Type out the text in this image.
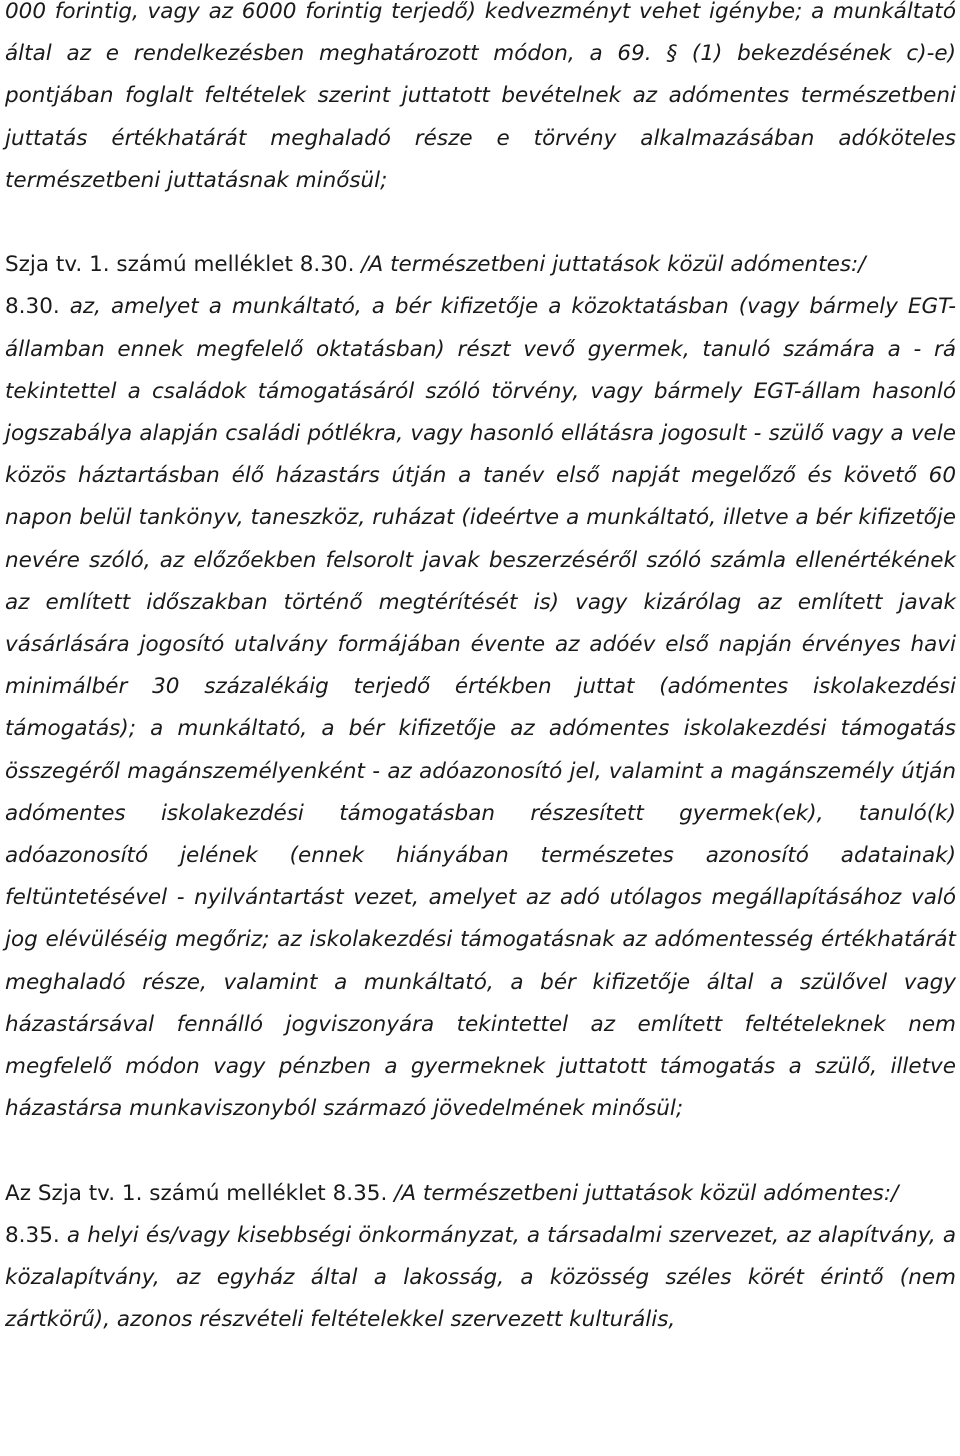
000 forintig, vagy az 6000 forintig terjedő) kedvezményt vehet igénybe; a munkáltató által az e rendelkezésben meghatározott módon, a 69. § (1) bekezdésének c)-e) pontjában foglalt feltételek szerint juttatott bevételnek az adómentes természetbeni juttatás értékhatárát meghaladó része e törvény alkalmazásában adóköteles természetbeni juttatásnak minősül;

Szja tv. 1. számú melléklet 8.30. /A természetbeni juttatások közül adómentes:/

8.30. az, amelyet a munkáltató, a bér kifizetője a közoktatásban (vagy bármely EGT-államban ennek megfelelő oktatásban) részt vevő gyermek, tanuló számára a - rá tekintettel a családok támogatásáról szóló törvény, vagy bármely EGT-állam hasonló jogszabálya alapján családi pótlékra, vagy hasonló ellátásra jogosult - szülő vagy a vele közös háztartásban élő házastárs útján a tanév első napját megelőző és követő 60 napon belül tankönyv, taneszköz, ruházat (ideértve a munkáltató, illetve a bér kifizetője nevére szóló, az előzőekben felsorolt javak beszerzéséről szóló számla ellenértékének az említett időszakban történő megtérítését is) vagy kizárólag az említett javak vásárlására jogosító utalvány formájában évente az adóév első napján érvényes havi minimálbér 30 százalékáig terjedő értékben juttat (adómentes iskolakezdési támogatás); a munkáltató, a bér kifizetője az adómentes iskolakezdési támogatás összegéről magánszemélyenként - az adóazonosító jel, valamint a magánszemély útján adómentes iskolakezdési támogatásban részesített gyermek(ek), tanuló(k) adóazonosító jelének (ennek hiányában természetes azonosító adatainak) feltüntetésével - nyilvántartást vezet, amelyet az adó utólagos megállapításához való jog elévüléséig megőriz; az iskolakezdési támogatásnak az adómentesség értékhatárát meghaladó része, valamint a munkáltató, a bér kifizetője által a szülővel vagy házastársával fennálló jogviszonyára tekintettel az említett feltételeknek nem megfelelő módon vagy pénzben a gyermeknek juttatott támogatás a szülő, illetve házastársa munkaviszonyból származó jövedelmének minősül;

Az Szja tv. 1. számú melléklet 8.35. /A természetbeni juttatások közül adómentes:/

8.35. a helyi és/vagy kisebbségi önkormányzat, a társadalmi szervezet, az alapítvány, a közalapítvány, az egyház által a lakosság, a közösség széles körét érintő (nem zártkörű), azonos részvételi feltételekkel szervezett kulturális,
